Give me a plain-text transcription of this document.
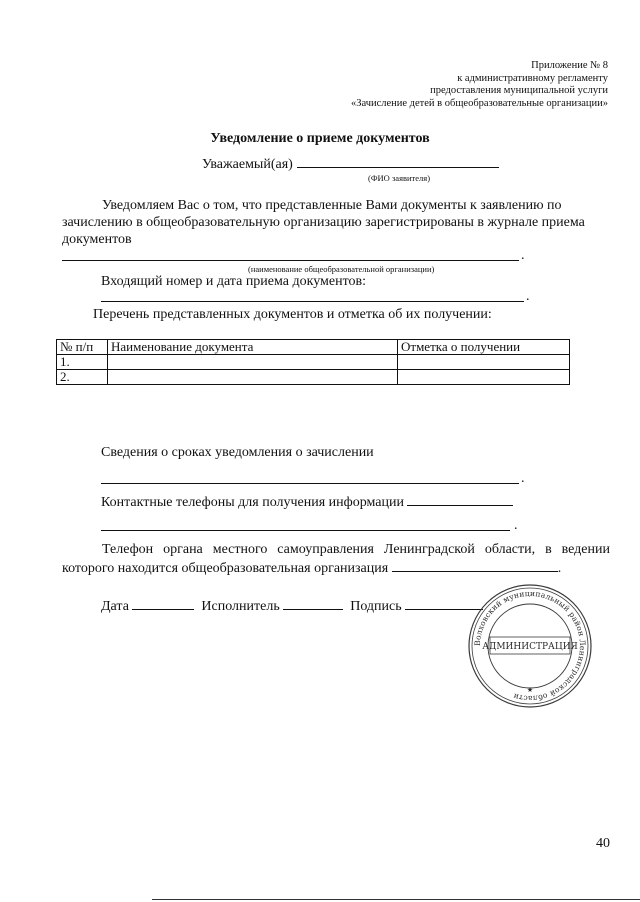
Приложение № 8
к административному регламенту
предоставления муниципальной услуги
«Зачисление детей в общеобразовательные организации»
Уведомление о приеме документов
Уважаемый(ая)
(ФИО заявителя)
Уведомляем Вас о том, что представленные Вами документы к заявлению по зачислению в общеобразовательную организацию зарегистрированы в журнале приема документов
.
(наименование общеобразовательной организации)
Входящий номер и дата приема документов:
.
Перечень представленных документов и отметка об их получении:
№ п/п	Наименование документа	Отметка о получении
1.		
2.		
Сведения о сроках уведомления о зачислении
.
Контактные телефоны для получения информации
.
Телефон органа местного самоуправления Ленинградской области, в ведении которого находится общеобразовательная организация	.
Дата	Исполнитель	Подпись
Волховский муниципальный район Ленинградской области
АДМИНИСТРАЦИЯ
★
40
